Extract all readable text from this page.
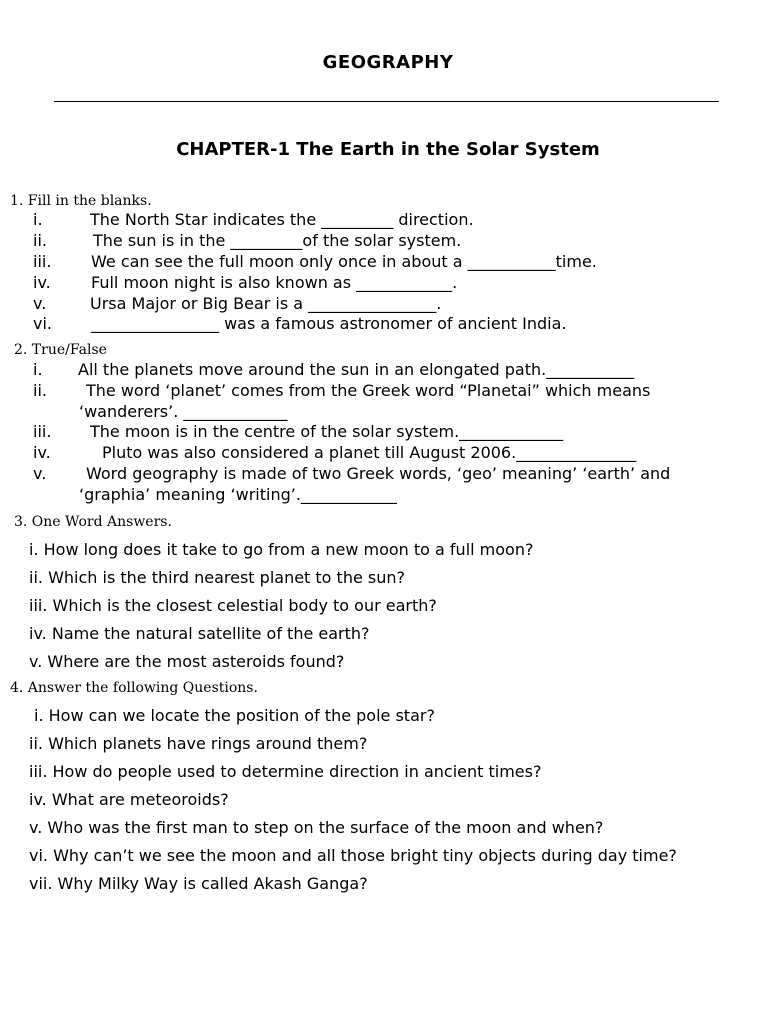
GEOGRAPHY
CHAPTER-1 The Earth in the Solar System
1. Fill in the blanks.
i.	The North Star indicates the _________ direction.
ii.	The sun is in the _________of the solar system.
iii. We can see the full moon only once in about a ___________time.
iv.	Full moon night is also known as ____________.
v.	Ursa Major or Big Bear is a ________________.
vi. ________________ was a famous astronomer of ancient India.
2. True/False
i. All the planets move around the sun in an elongated path.___________
ii. The word ‘planet’ comes from the Greek word “Planetai” which means
‘wanderers’. _____________
iii. The moon is in the centre of the solar system._____________
iv.	Pluto was also considered a planet till August 2006._______________
v. Word geography is made of two Greek words, ‘geo’ meaning’ ‘earth’ and
‘graphia’ meaning ‘writing’.____________
3. One Word Answers.
i. How long does it take to go from a new moon to a full moon?
ii. Which is the third nearest planet to the sun?
iii. Which is the closest celestial body to our earth?
iv. Name the natural satellite of the earth?
v. Where are the most asteroids found?
4. Answer the following Questions.
i. How can we locate the position of the pole star?
ii. Which planets have rings around them?
iii. How do people used to determine direction in ancient times?
iv. What are meteoroids?
v. Who was the first man to step on the surface of the moon and when?
vi. Why can’t we see the moon and all those bright tiny objects during day time?
vii. Why Milky Way is called Akash Ganga?
